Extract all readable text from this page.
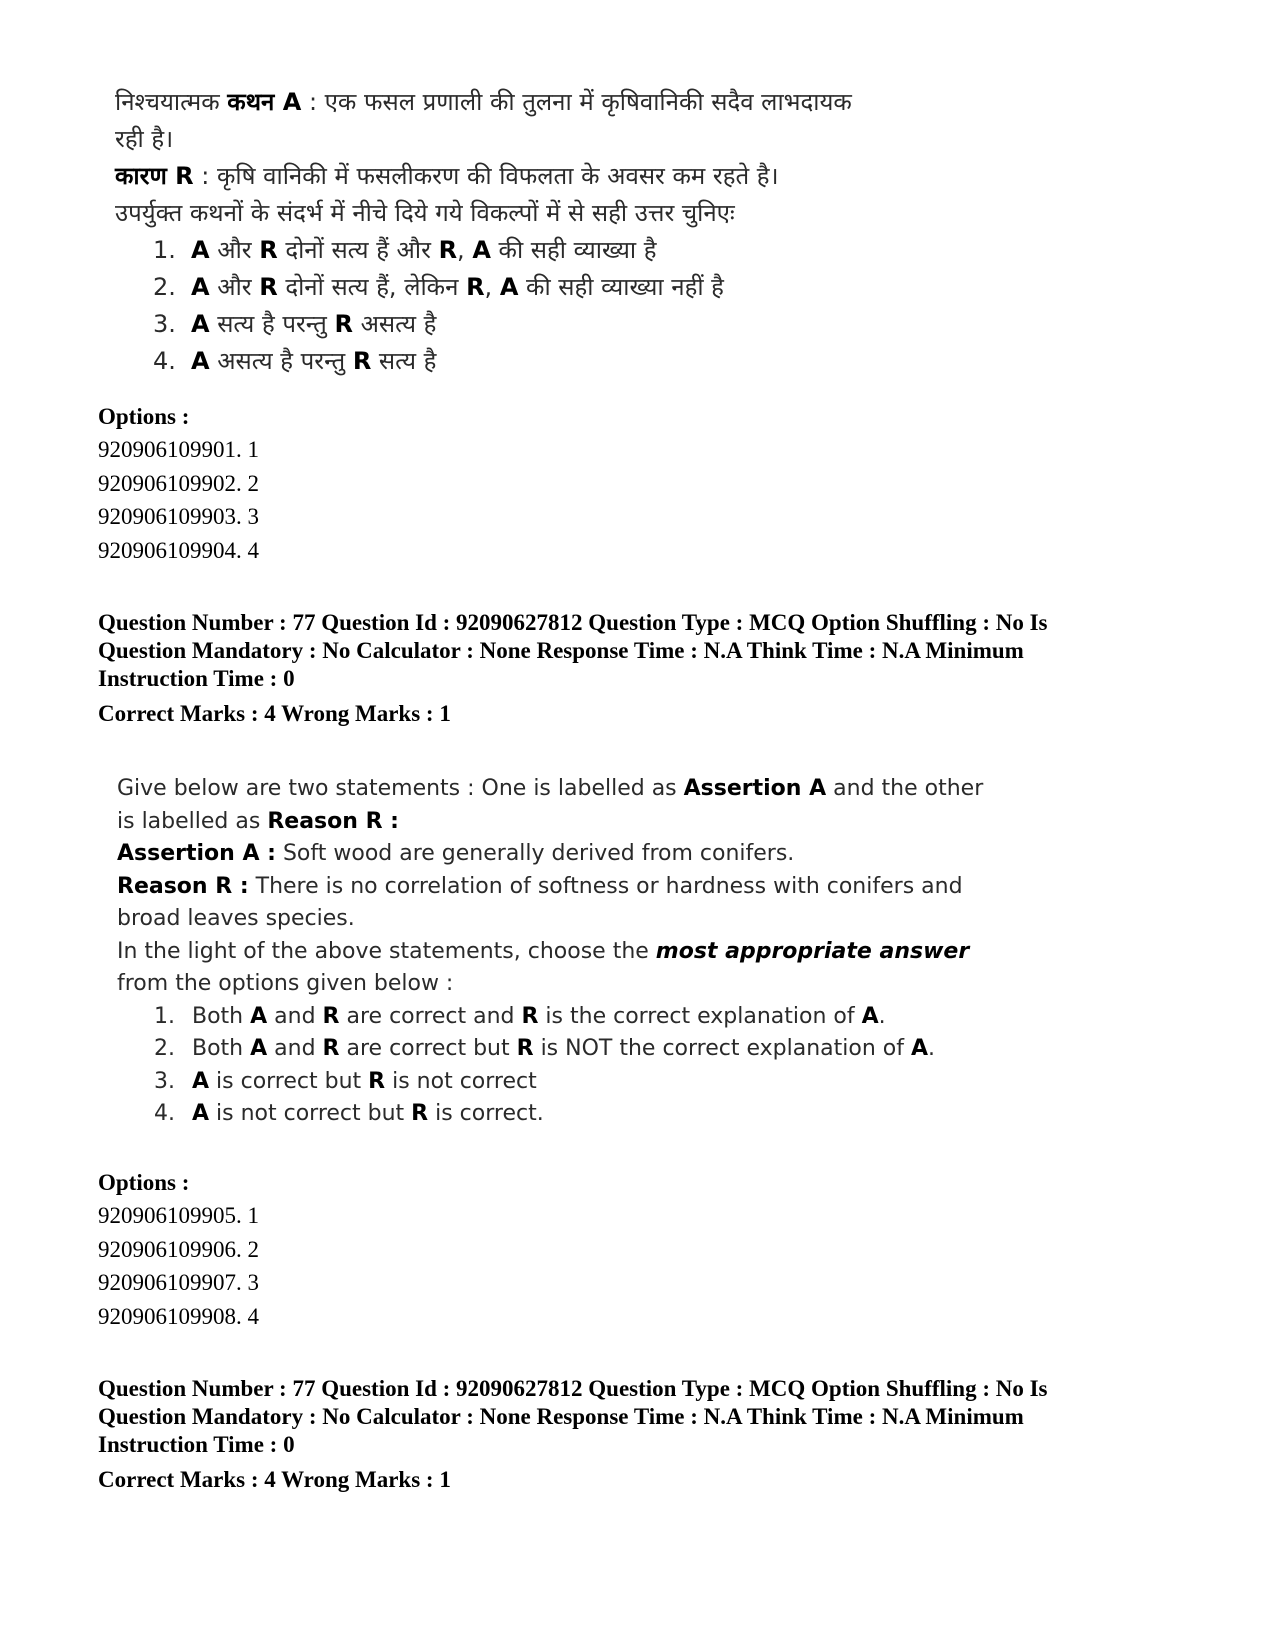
निश्चयात्मक कथन A : एक फसल प्रणाली की तुलना में कृषिवानिकी सदैव लाभदायक
रही है।
कारण R : कृषि वानिकी में फसलीकरण की विफलता के अवसर कम रहते है।
उपर्युक्त कथनों के संदर्भ में नीचे दिये गये विकल्पों में से सही उत्तर चुनिएः
1. A और R दोनों सत्य हैं और R, A की सही व्याख्या है
2. A और R दोनों सत्य हैं, लेकिन R, A की सही व्याख्या नहीं है
3. A सत्य है परन्तु R असत्य है
4. A असत्य है परन्तु R सत्य है
Options :
920906109901. 1
920906109902. 2
920906109903. 3
920906109904. 4
Question Number : 77 Question Id : 92090627812 Question Type : MCQ Option Shuffling : No Is
Question Mandatory : No Calculator : None Response Time : N.A Think Time : N.A Minimum
Instruction Time : 0
Correct Marks : 4 Wrong Marks : 1
Give below are two statements : One is labelled as Assertion A and the other
is labelled as Reason R :
Assertion A : Soft wood are generally derived from conifers.
Reason R : There is no correlation of softness or hardness with conifers and
broad leaves species.
In the light of the above statements, choose the most appropriate answer
from the options given below :
1. Both A and R are correct and R is the correct explanation of A.
2. Both A and R are correct but R is NOT the correct explanation of A.
3. A is correct but R is not correct
4. A is not correct but R is correct.
Options :
920906109905. 1
920906109906. 2
920906109907. 3
920906109908. 4
Question Number : 77 Question Id : 92090627812 Question Type : MCQ Option Shuffling : No Is
Question Mandatory : No Calculator : None Response Time : N.A Think Time : N.A Minimum
Instruction Time : 0
Correct Marks : 4 Wrong Marks : 1
